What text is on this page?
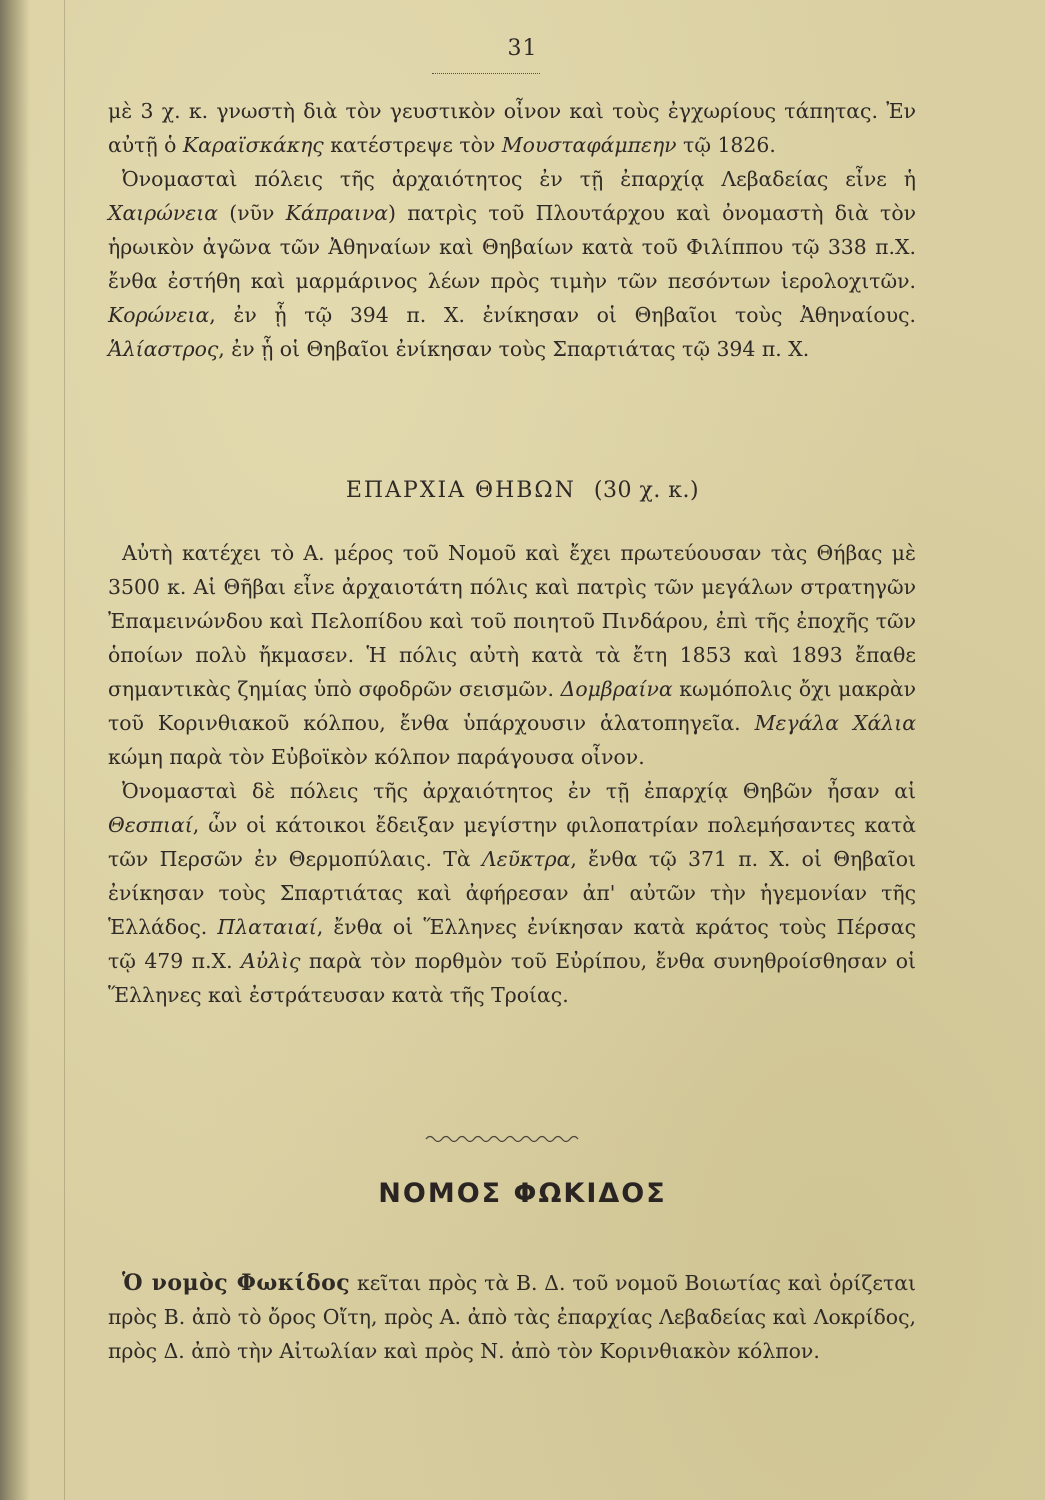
31

μὲ 3 χ. κ. γνωστὴ διὰ τὸν γευστικὸν οἶνον καὶ τοὺς ἐγχωρίους τάπητας. Ἐν αὐτῇ ὁ Καραϊσκάκης κατέστρεψε τὸν Μουσταφάμπεην τῷ 1826.

Ὀνομασταὶ πόλεις τῆς ἀρχαιότητος ἐν τῇ ἐπαρχίᾳ Λεβαδείας εἶνε ἡ Χαιρώνεια (νῦν Κάπραινα) πατρὶς τοῦ Πλουτάρχου καὶ ὀνομαστὴ διὰ τὸν ἡρωικὸν ἀγῶνα τῶν Ἀθηναίων καὶ Θηβαίων κατὰ τοῦ Φιλίππου τῷ 338 π.Χ. ἔνθα ἐστήθη καὶ μαρμάρινος λέων πρὸς τιμὴν τῶν πεσόντων ἱερολοχιτῶν. Κορώνεια, ἐν ᾗ τῷ 394 π. Χ. ἐνίκησαν οἱ Θηβαῖοι τοὺς Ἀθηναίους. Ἁλίαστρος, ἐν ᾗ οἱ Θηβαῖοι ἐνίκησαν τοὺς Σπαρτιάτας τῷ 394 π. Χ.

ΕΠΑΡΧΙΑ ΘΗΒΩΝ (30 χ. κ.)

Αὐτὴ κατέχει τὸ Α. μέρος τοῦ Νομοῦ καὶ ἔχει πρωτεύουσαν τὰς Θήβας μὲ 3500 κ. Αἱ Θῆβαι εἶνε ἀρχαιοτάτη πόλις καὶ πατρὶς τῶν μεγάλων στρατηγῶν Ἐπαμεινώνδου καὶ Πελοπίδου καὶ τοῦ ποιητοῦ Πινδάρου, ἐπὶ τῆς ἐποχῆς τῶν ὁποίων πολὺ ἤκμασεν. Ἡ πόλις αὐτὴ κατὰ τὰ ἔτη 1853 καὶ 1893 ἔπαθε σημαντικὰς ζημίας ὑπὸ σφοδρῶν σεισμῶν. Δομβραίνα κωμόπολις ὄχι μακρὰν τοῦ Κορινθιακοῦ κόλπου, ἔνθα ὑπάρχουσιν ἁλατοπηγεῖα. Μεγάλα Χάλια κώμη παρὰ τὸν Εὐβοϊκὸν κόλπον παράγουσα οἶνον.

Ὀνομασταὶ δὲ πόλεις τῆς ἀρχαιότητος ἐν τῇ ἐπαρχίᾳ Θηβῶν ἦσαν αἱ Θεσπιαί, ὧν οἱ κάτοικοι ἔδειξαν μεγίστην φιλοπατρίαν πολεμήσαντες κατὰ τῶν Περσῶν ἐν Θερμοπύλαις. Τὰ Λεῦκτρα, ἔνθα τῷ 371 π. Χ. οἱ Θηβαῖοι ἐνίκησαν τοὺς Σπαρτιάτας καὶ ἀφήρεσαν ἀπ' αὐτῶν τὴν ἡγεμονίαν τῆς Ἑλλάδος. Πλαταιαί, ἔνθα οἱ Ἕλληνες ἐνίκησαν κατὰ κράτος τοὺς Πέρσας τῷ 479 π.Χ. Αὐλὶς παρὰ τὸν πορθμὸν τοῦ Εὐρίπου, ἔνθα συνηθροίσθησαν οἱ Ἕλληνες καὶ ἐστράτευσαν κατὰ τῆς Τροίας.

ΝΟΜΟΣ ΦΩΚΙΔΟΣ

Ὁ νομὸς Φωκίδος κεῖται πρὸς τὰ Β. Δ. τοῦ νομοῦ Βοιωτίας καὶ ὁρίζεται πρὸς Β. ἀπὸ τὸ ὄρος Οἴτη, πρὸς Α. ἀπὸ τὰς ἐπαρχίας Λεβαδείας καὶ Λοκρίδος, πρὸς Δ. ἀπὸ τὴν Αἰτωλίαν καὶ πρὸς Ν. ἀπὸ τὸν Κορινθιακὸν κόλπον.
